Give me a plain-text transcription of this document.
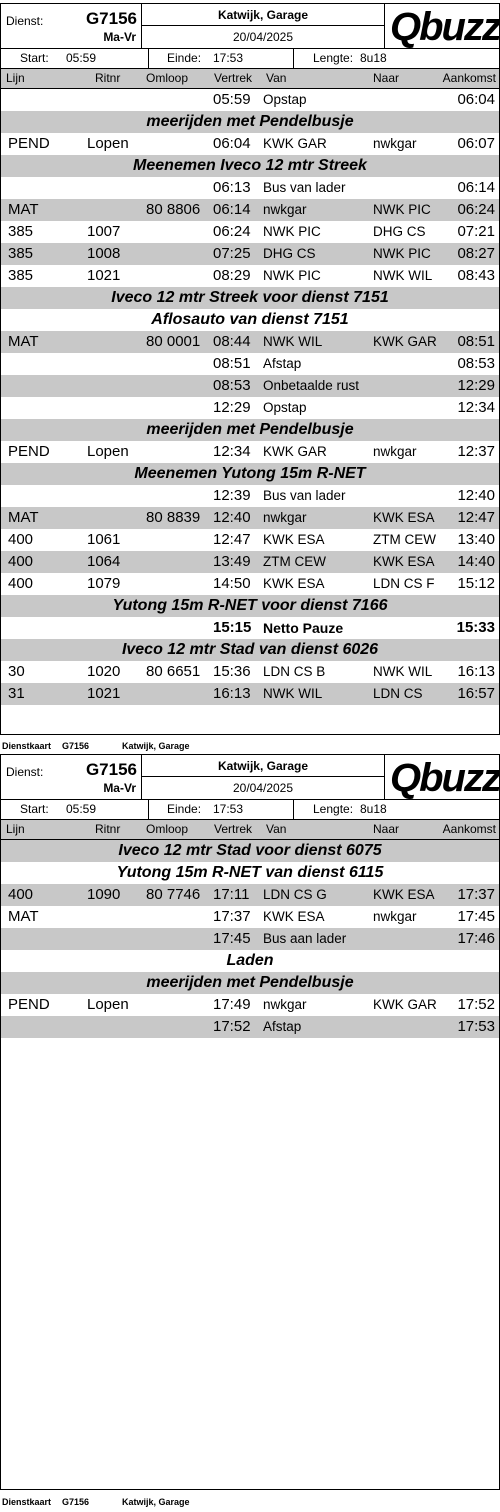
Dienst:	G7156
Ma-Vr
Katwijk, Garage
20/04/2025	Qbuzz
Start: 05:59	Einde: 17:53	Lengte: 8u18
Lijn	Ritnr Omloop Vertrek Van	Naar	Aankomst
05:59 Opstap	06:04
meerijden met Pendelbusje
PEND Lopen	06:04 KWK GAR	nwkgar	06:07
Meenemen Iveco 12 mtr Streek
06:13 Bus van lader	06:14
MAT	80 8806 06:14 nwkgar	NWK PIC 06:24
385	1007	06:24 NWK PIC	DHG CS 07:21
385	1008	07:25 DHG CS	NWK PIC 08:27
385	1021	08:29 NWK PIC	NWK WIL 08:43
Iveco 12 mtr Streek voor dienst 7151
Aflosauto van dienst 7151
MAT	80 0001 08:44 NWK WIL	KWK GAR 08:51
08:51 Afstap	08:53
08:53 Onbetaalde rust	12:29
12:29 Opstap	12:34
meerijden met Pendelbusje
PEND Lopen	12:34 KWK GAR	nwkgar	12:37
Meenemen Yutong 15m R-NET
12:39 Bus van lader	12:40
MAT	80 8839 12:40 nwkgar	KWK ESA 12:47
400	1061	12:47 KWK ESA	ZTM CEW 13:40
400	1064	13:49 ZTM CEW	KWK ESA 14:40
400	1079	14:50 KWK ESA	LDN CS F 15:12
Yutong 15m R-NET voor dienst 7166
15:15 Netto Pauze	15:33
Iveco 12 mtr Stad van dienst 6026
30	1020 80 6651 15:36 LDN CS B	NWK WIL 16:13
31	1021	16:13 NWK WIL	LDN CS 16:57
Dienstkaart G7156	Katwijk, Garage
Dienst:	G7156
Ma-Vr
Katwijk, Garage
20/04/2025	Qbuzz
Start: 05:59	Einde: 17:53	Lengte: 8u18
Lijn	Ritnr Omloop Vertrek Van	Naar	Aankomst
Iveco 12 mtr Stad voor dienst 6075
Yutong 15m R-NET van dienst 6115
400	1090 80 7746 17:11 LDN CS G	KWK ESA 17:37
MAT	17:37 KWK ESA	nwkgar	17:45
17:45 Bus aan lader	17:46
Laden
meerijden met Pendelbusje
PEND Lopen	17:49 nwkgar	KWK GAR 17:52
17:52 Afstap	17:53
Dienstkaart G7156	Katwijk, Garage
